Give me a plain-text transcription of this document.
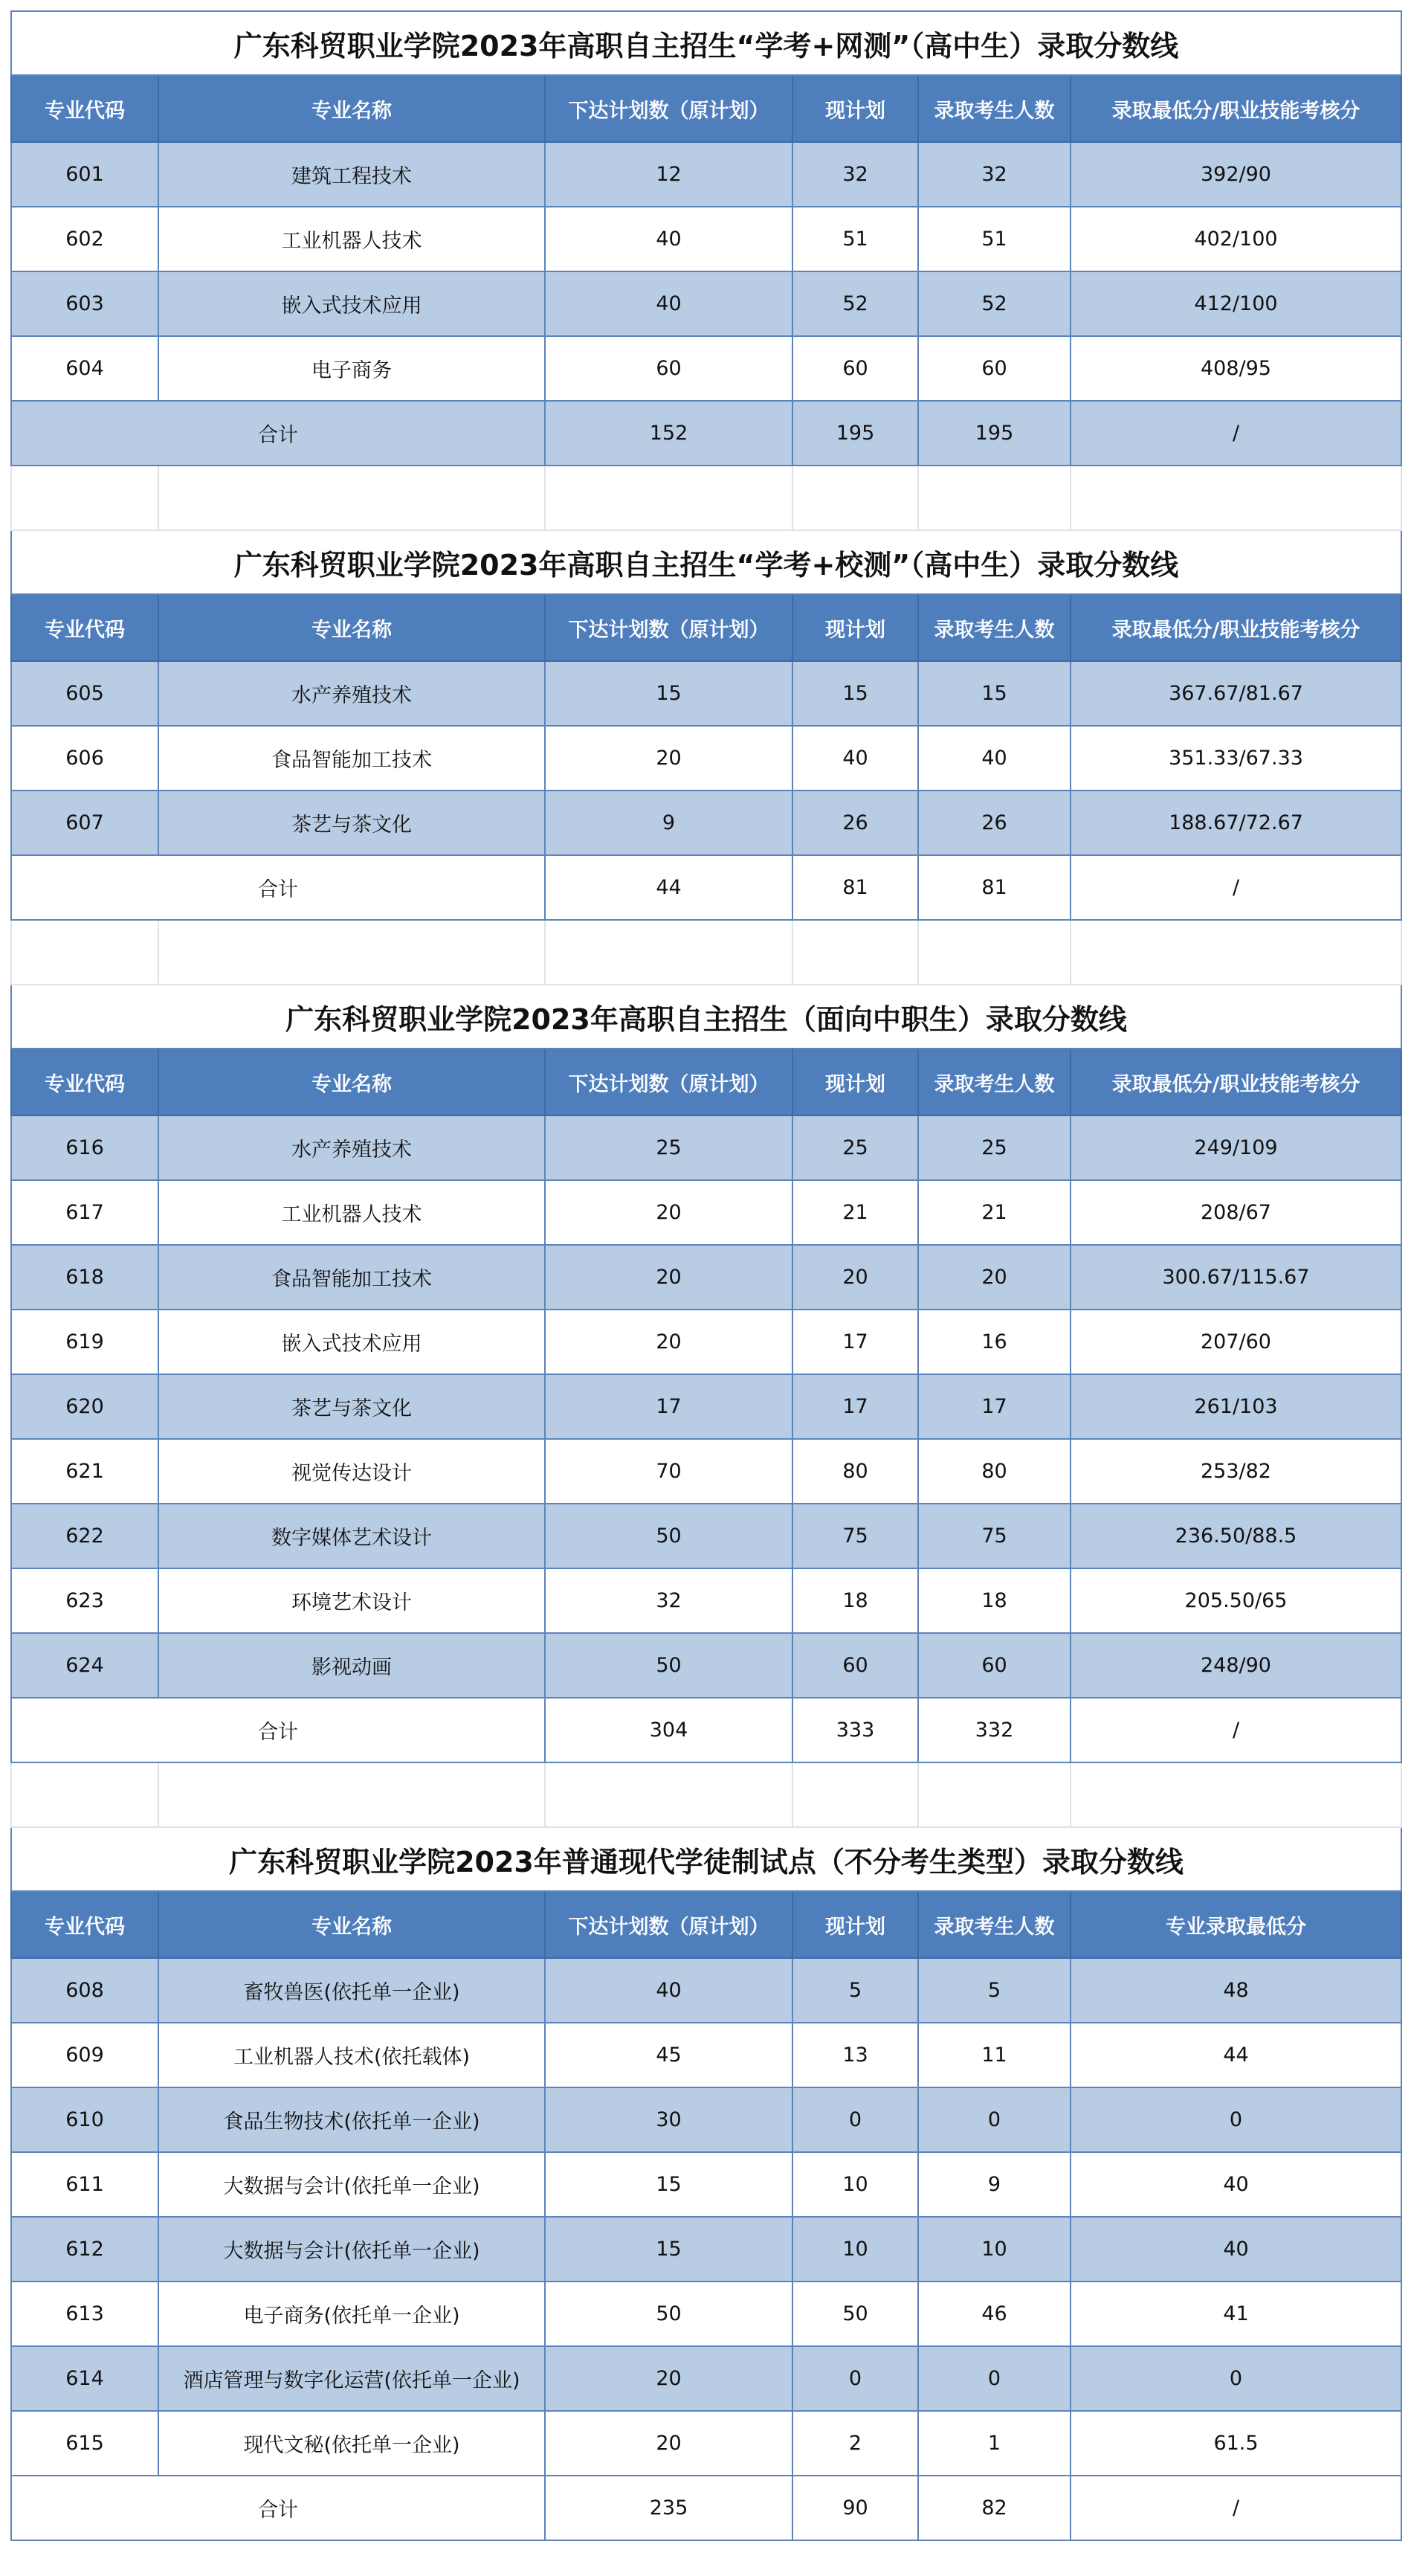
广东科贸职业学院2023年高职自主招生“学考+网测”（高中生）录取分数线					
专业代码	专业名称	下达计划数（原计划）	现计划	录取考生人数	录取最低分/职业技能考核分
601	建筑工程技术	12	32	32	392/90
602	工业机器人技术	40	51	51	402/100
603	嵌入式技术应用	40	52	52	412/100
604	电子商务	60	60	60	408/95
合计		152	195	195	/

广东科贸职业学院2023年高职自主招生“学考+校测”（高中生）录取分数线					
专业代码	专业名称	下达计划数（原计划）	现计划	录取考生人数	录取最低分/职业技能考核分
605	水产养殖技术	15	15	15	367.67/81.67
606	食品智能加工技术	20	40	40	351.33/67.33
607	茶艺与茶文化	9	26	26	188.67/72.67
合计		44	81	81	/

广东科贸职业学院2023年高职自主招生（面向中职生）录取分数线					
专业代码	专业名称	下达计划数（原计划）	现计划	录取考生人数	录取最低分/职业技能考核分
616	水产养殖技术	25	25	25	249/109
617	工业机器人技术	20	21	21	208/67
618	食品智能加工技术	20	20	20	300.67/115.67
619	嵌入式技术应用	20	17	16	207/60
620	茶艺与茶文化	17	17	17	261/103
621	视觉传达设计	70	80	80	253/82
622	数字媒体艺术设计	50	75	75	236.50/88.5
623	环境艺术设计	32	18	18	205.50/65
624	影视动画	50	60	60	248/90
合计		304	333	332	/

广东科贸职业学院2023年普通现代学徒制试点（不分考生类型）录取分数线					
专业代码	专业名称	下达计划数（原计划）	现计划	录取考生人数	专业录取最低分
608	畜牧兽医(依托单一企业)	40	5	5	48
609	工业机器人技术(依托载体)	45	13	11	44
610	食品生物技术(依托单一企业)	30	0	0	0
611	大数据与会计(依托单一企业)	15	10	9	40
612	大数据与会计(依托单一企业)	15	10	10	40
613	电子商务(依托单一企业)	50	50	46	41
614	酒店管理与数字化运营(依托单一企业)	20	0	0	0
615	现代文秘(依托单一企业)	20	2	1	61.5
合计		235	90	82	/
